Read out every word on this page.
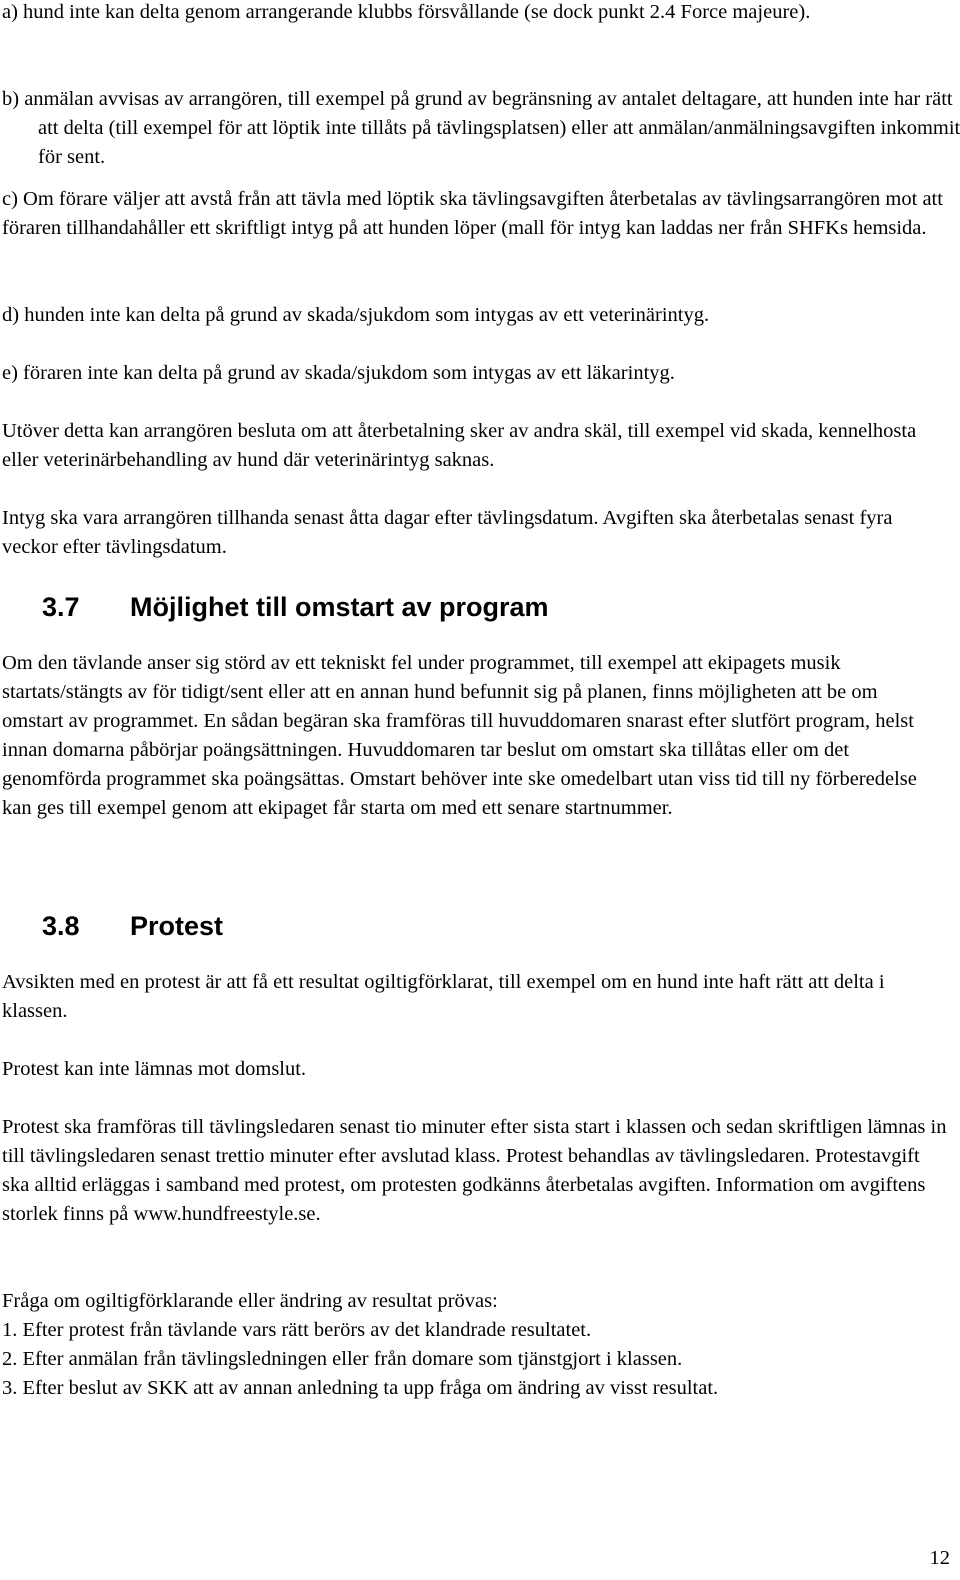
a) hund inte kan delta genom arrangerande klubbs försvållande (se dock punkt 2.4 Force majeure).

b) anmälan avvisas av arrangören, till exempel på grund av begränsning av antalet deltagare, att hunden inte har rätt att delta (till exempel för att löptik inte tillåts på tävlingsplatsen) eller att anmälan/anmälningsavgiften inkommit för sent.

c) Om förare väljer att avstå från att tävla med löptik ska tävlingsavgiften återbetalas av tävlingsarrangören mot att föraren tillhandahåller ett skriftligt intyg på att hunden löper (mall för intyg kan laddas ner från SHFKs hemsida.

d) hunden inte kan delta på grund av skada/sjukdom som intygas av ett veterinärintyg.

e) föraren inte kan delta på grund av skada/sjukdom som intygas av ett läkarintyg.

Utöver detta kan arrangören besluta om att återbetalning sker av andra skäl, till exempel vid skada, kennelhosta eller veterinärbehandling av hund där veterinärintyg saknas.

Intyg ska vara arrangören tillhanda senast åtta dagar efter tävlingsdatum. Avgiften ska återbetalas senast fyra veckor efter tävlingsdatum.

3.7 Möjlighet till omstart av program

Om den tävlande anser sig störd av ett tekniskt fel under programmet, till exempel att ekipagets musik startats/stängts av för tidigt/sent eller att en annan hund befunnit sig på planen, finns möjligheten att be om omstart av programmet. En sådan begäran ska framföras till huvuddomaren snarast efter slutfört program, helst innan domarna påbörjar poängsättningen. Huvuddomaren tar beslut om omstart ska tillåtas eller om det genomförda programmet ska poängsättas. Omstart behöver inte ske omedelbart utan viss tid till ny förberedelse kan ges till exempel genom att ekipaget får starta om med ett senare startnummer.

3.8 Protest

Avsikten med en protest är att få ett resultat ogiltigförklarat, till exempel om en hund inte haft rätt att delta i klassen.

Protest kan inte lämnas mot domslut.

Protest ska framföras till tävlingsledaren senast tio minuter efter sista start i klassen och sedan skriftligen lämnas in till tävlingsledaren senast trettio minuter efter avslutad klass. Protest behandlas av tävlingsledaren. Protestavgift ska alltid erläggas i samband med protest, om protesten godkänns återbetalas avgiften. Information om avgiftens storlek finns på www.hundfreestyle.se.

Fråga om ogiltigförklarande eller ändring av resultat prövas:

1. Efter protest från tävlande vars rätt berörs av det klandrade resultatet.

2. Efter anmälan från tävlingsledningen eller från domare som tjänstgjort i klassen.

3. Efter beslut av SKK att av annan anledning ta upp fråga om ändring av visst resultat.

12
